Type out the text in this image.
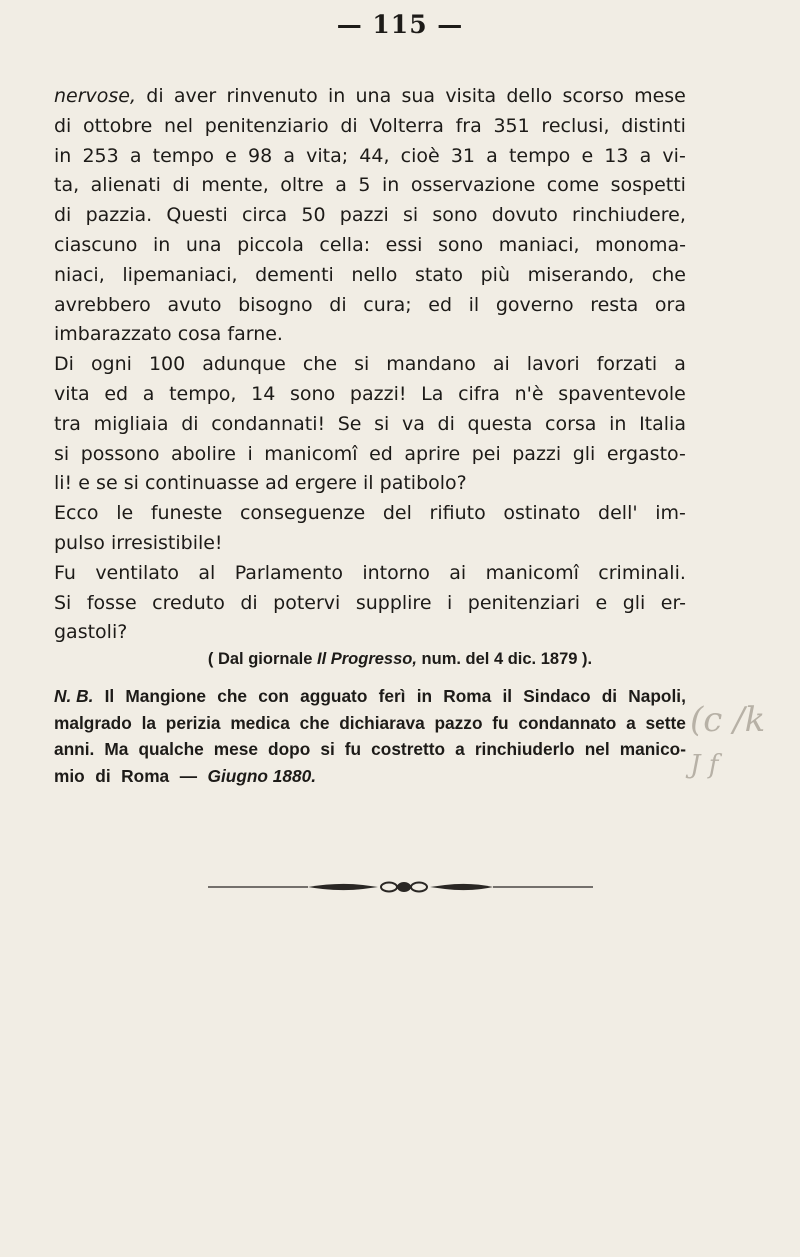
— 115 —
nervose, di aver rinvenuto in una sua visita dello scorso mese
di ottobre nel penitenziario di Volterra fra 351 reclusi, distinti
in 253 a tempo e 98 a vita; 44, cioè 31 a tempo e 13 a vi-
ta, alienati di mente, oltre a 5 in osservazione come sospetti
di pazzia. Questi circa 50 pazzi si sono dovuto rinchiudere,
ciascuno in una piccola cella: essi sono maniaci, monoma-
niaci, lipemaniaci, dementi nello stato più miserando, che
avrebbero avuto bisogno di cura; ed il governo resta ora
imbarazzato cosa farne.
Di ogni 100 adunque che si mandano ai lavori forzati a
vita ed a tempo, 14 sono pazzi! La cifra n'è spaventevole
tra migliaia di condannati! Se si va di questa corsa in Italia
si possono abolire i manicomî ed aprire pei pazzi gli ergasto-
li! e se si continuasse ad ergere il patibolo?
Ecco le funeste conseguenze del rifiuto ostinato dell' im-
pulso irresistibile!
Fu ventilato al Parlamento intorno ai manicomî criminali.
Si fosse creduto di potervi supplire i penitenziari e gli er-
gastoli?
( Dal giornale Il Progresso, num. del 4 dic. 1879 ).
N. B. Il Mangione che con agguato ferì in Roma il Sindaco di Napoli,
malgrado la perizia medica che dichiarava pazzo fu condannato a sette
anni. Ma qualche mese dopo si fu costretto a rinchiuderlo nel manico-
mio di Roma — Giugno 1880.
(c /k
J f
